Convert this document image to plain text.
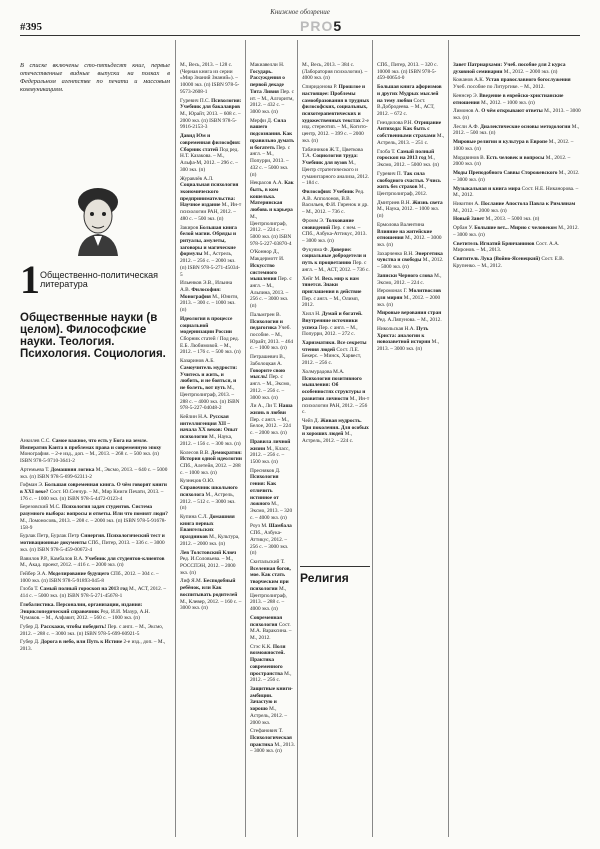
Книжное обозрение
#395	PRO5
В списке включены сто-пятьдесят книг, первые отечественные видные выпуски на полках в Федеральном агентстве по печати и массовым коммуникациям.
1 Общественно-политическая литература
Общественные науки (в целом). Философские науки. Теология. Психология. Социология.
Анкилев С.С. Самое важное, что есть у Бога на земле. Императив Канта в проблемах права и современную эпоху Монография. – 2-е изд., доп. – М., 2013. – 268 с. – 500 экз. (п) ISBN 978-5-9710-3641-2
Артемьева Т. Домашняя логика М., Эксмо, 2013. – 640 с. – 5000 экз. (п) ISBN 978-5-699-62311-2
Гофман Э. Большая современная книга. О чём говорят книги в XXI веке? Сост. Ю.Сенчур. – М., Мир Книги Печати, 2013. – 176 с. – 1000 экз. (п) ISBN 978-5-4472-0123-4
Березовский М.С. Психология задач студентов. Система разумного выбора: вопросы и ответы. Или что помнят люди? М., Ломоносовъ, 2013. – 208 с. – 2000 экз. (п) ISBN 978-5-91678-158-9
Бурлак Петр, Бурлак Петр Синергия. Психологический тест и мотивационные документы СПб., Питер, 2013. – 336 с. – 3000 экз. (п) ISBN 978-5-459-00672-4
Вавилов Р.Р., Камбалов В.А. Учебник для студентов-клиентов М., Акад. проект, 2012. – 416 с. – 2000 экз. (п)
Гейбер Э.А. Моделирование будущего СПб., 2012. – 304 с. – 1000 экз. (п) ISBN 978-5-91893-045-8
Глоба Т. Самый полный гороскоп на 2013 год М., АСТ, 2012. – 414 с. – 5000 экз. (п) ISBN 978-5-271-45678-1
Глобалистика. Персоналии, организации, издания: Энциклопедический справочник Ред. И.И. Мазур, А.Н. Чумаков. – М., Алфавит, 2012. – 560 с. – 1000 экз. (п)
Губер Д. Расскажи, чтобы победить! Пер. с англ. – М., Эксмо, 2012. – 288 с. – 3000 экз. (п) ISBN 978-5-699-60921-5
Губер Д. Дорога в небо, или Путь к Истине 2-е изд., доп. – М., 2013.
М., Весь, 2013. – 128 с. (Черная книга из серии «Мир Знаний Знаний»). – 10000 экз. (п) ISBN 978-5-9573-2608-1
Гуревич П.С. Психология: Учебник для бакалавров М., Юрайт, 2013. – 608 с. – 2000 экз. (п) ISBN 978-5-9916-2153-3
Давид Юм и современная философия: Сборник статей Под ред. Н.Т. Казакова. – М., Альфа-М, 2012. – 296 с. – 300 экз. (п)
Журавлёв А.Л. Социальная психология экономического предпринимательства: Научное издание М., Ин-т психологии РАН, 2012. – 480 с. – 500 экз. (п)
Закиров Большая книга белой магии. Обряды и ритуалы, амулеты, заговоры и магические формулы М., Астрель, 2012. – 256 с. – 2000 экз. (п) ISBN 978-5-271-45034-5
Ильенков Э.В., Ильина А.В. Философия: Монография М., Юнити, 2013. – 300 с. – 1000 экз. (п)
Идеология в процессе социальной модернизации России Сборник статей / Под ред. Е.Б. Любимовой. – М., 2012. – 176 с. – 500 экз. (п)
Казаринов А.Б. Самоучитель мудрости: Учитесь и жить, и любить, и не бояться, и не болеть, вот путь М., Центрполиграф, 2013. – 288 с. – 4000 экз. (п) ISBN 978-5-227-04048-2
Кейлин Н.А. Русская интеллигенция XII – начала XX веков: Опыт психологии М., Наука, 2012. – 156 с. – 300 экз. (п)
Колесов В.В. Демократия: История одной идеологии СПб., Алетейя, 2012. – 288 с. – 1000 экз. (п)
Кузнецов О.Ю. Справочник школьного психолога М., Астрель, 2012. – 512 с. – 3000 экз. (п)
Купина С.Л. Домашняя книга первых Евангельских праздников М., Культура, 2012. – 2000 экз. (п)
Лев Толстовский Ключ Ред. И.Соловьева. – М., РОССПЭН, 2012. – 2000 экз. (п)
Лиф Я.М. Бесподобный ребёнок, или Как воспитывать родителей М., Клевер, 2012. – 160 с. – 3000 экз. (п)
Макиавелли Н. Государь. Рассуждения о первой декаде Тита Ливия Пер. с ит. – М., Алгоритм, 2012. – 432 с. – 3000 экз. (п)
Мерфи Д. Сила вашего подсознания. Как правильно думать и богатеть Пер. с англ. – М., Попурри, 2013. – 432 с. – 5000 экз. (п)
Некрасов А.А. Как быть, в ком кошелька. Материнская любовь и карьера М., Центрполиграф, 2012. – 224 с. – 5000 экз. (п) ISBN 978-5-227-03870-4
О'Коннор Д., Макдермотт И. Искусство системного мышления Пер. с англ. – М., Альпина, 2013. – 256 с. – 3000 экз. (п)
Пальмгрен В. Психология и педагогика Учеб. пособие. – М., Юрайт, 2013. – 464 с. – 1000 экз. (п)
Петрашевич В., Заболоцкая А. Говорите свою мысль! Пер. с англ. – М., Эксмо, 2012. – 256 с. – 3000 экз. (п)
Ли А., Ли Т. Наша жизнь в любви Пер. с англ. – М., Белое, 2012. – 224 с. – 2000 экз. (п)
Правила личной жизни М., Класс, 2012. – 256 с. – 1500 экз. (п)
Пресняков Д. Психология гения: Как отличить истинное от ложного М., Эксмо, 2013. – 320 с. – 4000 экз. (п)
Роуз М. Шамбала СПб., Азбука-Аттикус, 2012. – 256 с. – 3000 экз. (п)
Скитальский Т. Вселенная богов, мое. Как стать творческим при психологии М., Центрполиграф, 2013. – 288 с. – 4000 экз. (п)
Современная психология Сост. М.А. Вараксина. – М., 2012.
Стэс К.К. Поля возможностей. Практика современного пространства М., 2012. – 256 с.
Защитные книги-амбиции. Зачастую и хорошо М., Астрель, 2012. – 2000 экз.
Стефанович Т. Психологическая практика М., 2013. – 3000 экз. (п)
М., Весь, 2013. – 384 с. (Лаборатория психологии). – 4000 экз. (п)
Спиридонова Р. Прошлое и настоящее: Проблемы самообразования в трудных философских, социальных, психотерапевтических и художественных текстах 2-е изд. стереотип. – М., Когито-центр, 2012. – 399 с. – 2000 экз. (п)
Табачников Ж.Т., Цветкова Т.А. Социология труда: Учебник для вузов М., Центр стратегического и гуманитарного анализа, 2012. – 184 с.
Философия: Учебник Ред. А.В. Апполонов, В.В. Васильев, Ф.И. Гиренок и др. – М., 2012. – 736 с.
Фромм Э. Толкование сновидений Пер. с нем. – СПб., Азбука-Аттикус, 2013. – 3000 экз. (п)
Фукуяма Ф. Доверие: социальные добродетели и путь к процветанию Пер. с англ. – М., АСТ, 2012. – 736 с.
Хейг М. Весь мир к нам тянется. Знаки приглашения в действие Пер. с англ. – М., Олимп, 2012.
Хилл Н. Думай и богатей. Внутренние источники успеха Пер. с англ. – М., Попурри, 2012. – 272 с.
Харизматики. Все секреты чтения людей Сост. Л.Е. Бекерс. – Минск, Харвест, 2012. – 256 с.
Холмурадова М.А. Психология позитивного мышления: Об особенностях структуры и развитии личности М., Ин-т психологии РАН, 2012. – 256 с.
Чейз Д. Живая мудрость. Три поколения. Для особых и хороших людей М., Астрель, 2012. – 224 с.
СПб., Питер, 2013. – 320 с. 10000 экз. (п) ISBN 978-5-459-00654-0
Большая книга афоризмов и других Мудрых мыслей на тему любви Сост. В.Добродеева. – М., АСТ, 2012. – 672 с.
Гнездилова Р.Н. Отрицание Антихода: Как быть с собственными страхами М., Астрель, 2013. – 251 с.
Глоба Т. Самый полный гороскоп на 2013 год М., Эксмо, 2012. – 5000 экз. (п)
Гуревич П. Так сила свободного счастья. Учись жить без страхов М., Центрполиграф, 2012.
Дмитриев В.Н. Жизнь света М., Наука, 2012. – 1000 экз. (п)
Ермолова Валентина Влияние на житейские отношения М., 2012. – 3000 экз. (п)
Захарченко В.Н. Энергетика чувства и свободы М., 2012. – 5000 экз. (п)
Записки Черного слова М., Эксмо, 2012. – 224 с.
Иеромонах Г. Молитвослов для мирян М., 2012. – 2000 экз. (п)
Мировые верования стран Ред. А.Ляпунова. – М., 2012.
Никольская Н.А. Путь Христа: аналогии к новозаветной истории М., 2013. – 3000 экз. (п)
Завет Патриархами: Учеб. пособие для 2 курса духовной семинарии М., 2012. – 2000 экз. (п)
Кожанов А.К. Устав православного богослужения Учеб. пособие по Литургике. – М., 2012.
Кеннсер Э. Введение в еврейско-христианские отношения М., 2012. – 1000 экз. (п)
Лимонов А. О чём открывают ответы М., 2013. – 3000 экз. (п)
Лесли А.Ф. Диалектические основы методологии М., 2012. – 500 экз. (п)
Мировые религии и культура в Европе М., 2012. – 1000 экз. (п)
Мордвинов В. Есть человек и вопросы М., 2012. – 2000 экз. (п)
Моды Преподобного Саввы Сторожевского М., 2012. – 3000 экз. (п)
Музыкальная и книга мира Сост. Н.Е. Никанорова. – М., 2012.
Никитин А. Послание Апостола Павла к Римлянам М., 2012. – 2000 экз. (п)
Новый Завет М., 2013. – 5000 экз. (п)
Орбан У. Большие вет... Мирно с человеком М., 2012. – 3000 экз. (п)
Светитель Игнатий Брянчанинов Сост. А.А. Миронов. – М., 2013.
Святитель Лука (Войно-Ясенецкий) Сост. Е.В. Крупенко. – М., 2012.
Религия
